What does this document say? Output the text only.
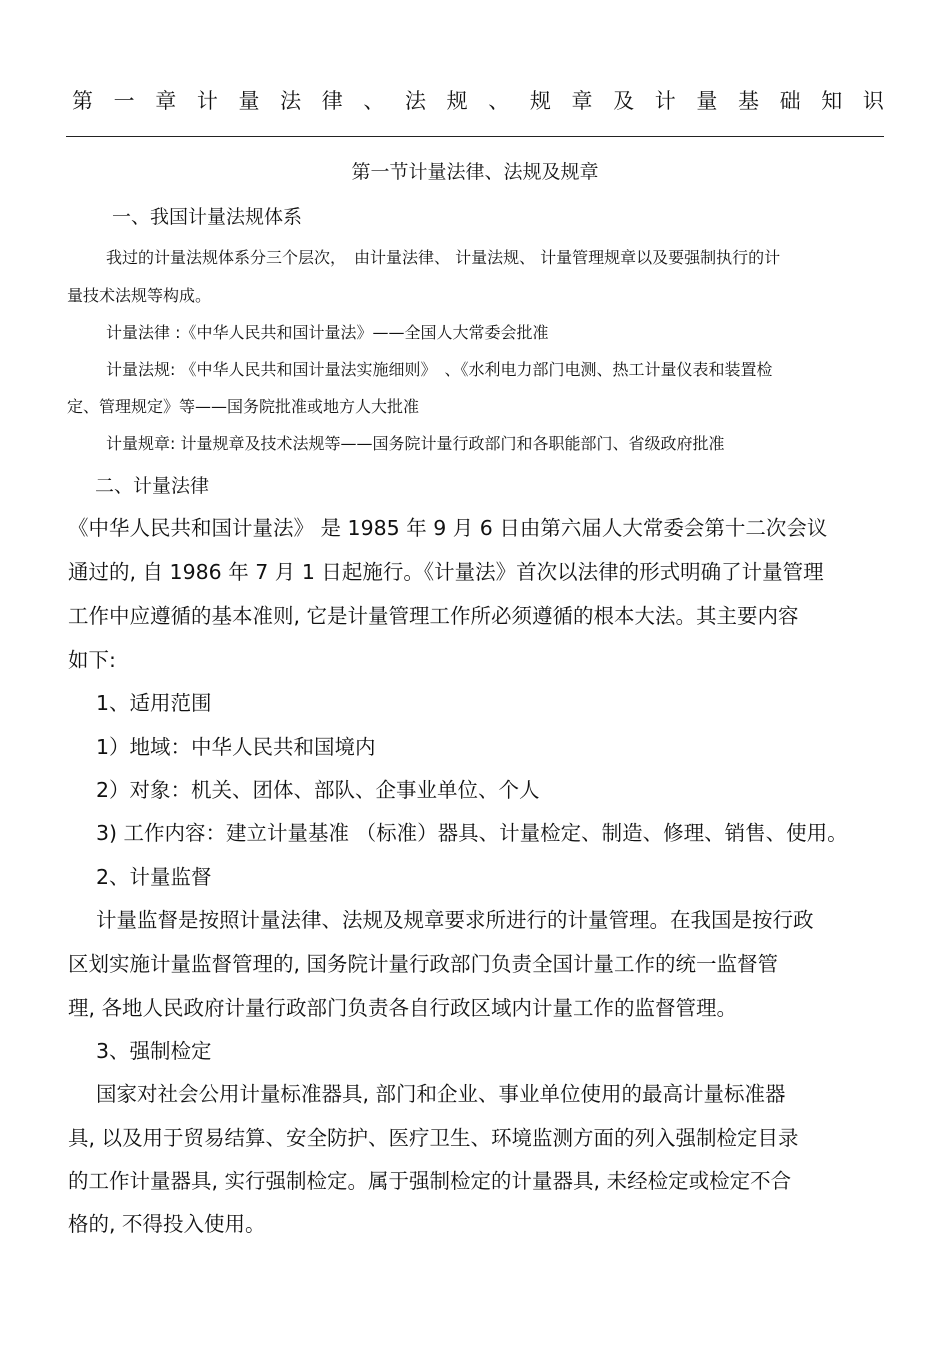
第 一 章 计 量 法 律 、 法 规 、 规 章 及 计 量 基 础 知 识
第一节计量法律、法规及规章
一、我国计量法规体系
我过的计量法规体系分三个层次，　由计量法律、 计量法规、 计量管理规章以及要强制执行的计
量技术法规等构成。
计量法律 :《中华人民共和国计量法》——全国人大常委会批准
计量法规: 《中华人民共和国计量法实施细则》　、《水利电力部门电测、热工计量仪表和装置检
定、管理规定》等——国务院批准或地方人大批准
计量规章: 计量规章及技术法规等——国务院计量行政部门和各职能部门、省级政府批准
二、计量法律
《中华人民共和国计量法》 是 1985 年 9 月 6 日由第六届人大常委会第十二次会议
通过的, 自 1986 年 7 月 1 日起施行。《计量法》首次以法律的形式明确了计量管理
工作中应遵循的基本准则, 它是计量管理工作所必须遵循的根本大法。其主要内容
如下:
1、适用范围
1）地域：中华人民共和国境内
2）对象：机关、团体、部队、企事业单位、个人
3) 工作内容：建立计量基准 （标准）器具、计量检定、制造、修理、销售、使用。
2、计量监督
计量监督是按照计量法律、法规及规章要求所进行的计量管理。在我国是按行政
区划实施计量监督管理的, 国务院计量行政部门负责全国计量工作的统一监督管
理, 各地人民政府计量行政部门负责各自行政区域内计量工作的监督管理。
3、强制检定
国家对社会公用计量标准器具, 部门和企业、事业单位使用的最高计量标准器
具, 以及用于贸易结算、安全防护、医疗卫生、环境监测方面的列入强制检定目录
的工作计量器具, 实行强制检定。属于强制检定的计量器具, 未经检定或检定不合
格的, 不得投入使用。
